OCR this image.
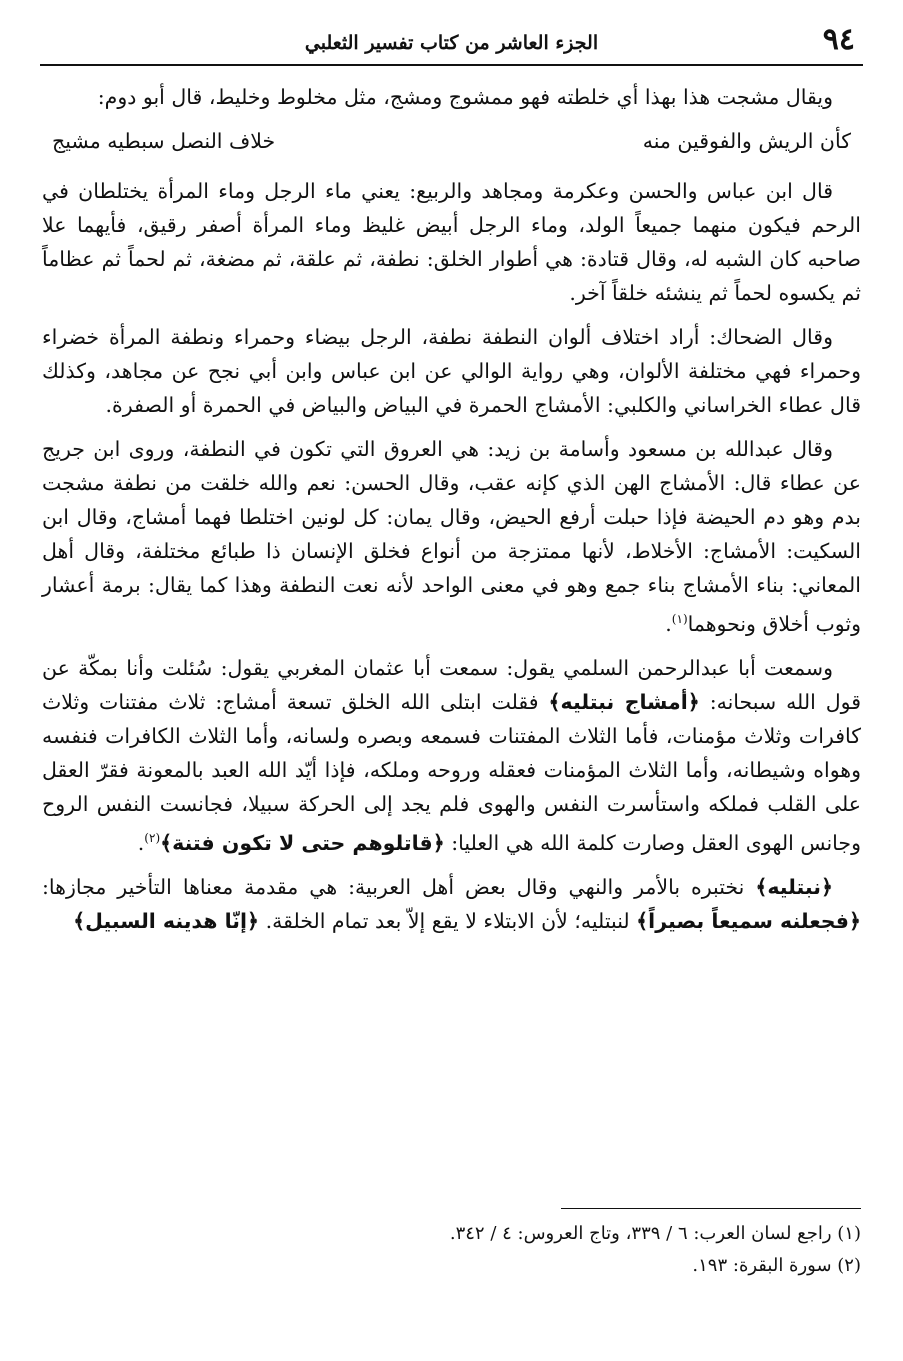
٩٤
الجزء العاشر من كتاب تفسير الثعلبي

ويقال مشجت هذا بهذا أي خلطته فهو ممشوج ومشج، مثل مخلوط وخليط، قال أبو دوم:

كأن الريش والفوقين منه
خلاف النصل سبطيه مشيج

قال ابن عباس والحسن وعكرمة ومجاهد والربيع: يعني ماء الرجل وماء المرأة يختلطان في الرحم فيكون منهما جميعاً الولد، وماء الرجل أبيض غليظ وماء المرأة أصفر رقيق، فأيهما علا صاحبه كان الشبه له، وقال قتادة: هي أطوار الخلق: نطفة، ثم علقة، ثم مضغة، ثم لحماً ثم عظاماً ثم يكسوه لحماً ثم ينشئه خلقاً آخر.

وقال الضحاك: أراد اختلاف ألوان النطفة نطفة، الرجل بيضاء وحمراء ونطفة المرأة خضراء وحمراء فهي مختلفة الألوان، وهي رواية الوالي عن ابن عباس وابن أبي نجح عن مجاهد، وكذلك قال عطاء الخراساني والكلبي: الأمشاج الحمرة في البياض والبياض في الحمرة أو الصفرة.

وقال عبدالله بن مسعود وأسامة بن زيد: هي العروق التي تكون في النطفة، وروى ابن جريج عن عطاء قال: الأمشاج الهن الذي كإنه عقب، وقال الحسن: نعم والله خلقت من نطفة مشجت بدم وهو دم الحيضة فإذا حبلت أرفع الحيض، وقال يمان: كل لونين اختلطا فهما أمشاج، وقال ابن السكيت: الأمشاج: الأخلاط، لأنها ممتزجة من أنواع فخلق الإنسان ذا طبائع مختلفة، وقال أهل المعاني: بناء الأمشاج بناء جمع وهو في معنى الواحد لأنه نعت النطفة وهذا كما يقال: برمة أعشار وثوب أخلاق ونحوهما$^{(١)}$.

وسمعت أبا عبدالرحمن السلمي يقول: سمعت أبا عثمان المغربي يقول: سُئلت وأنا بمكّة عن قول الله سبحانه: ﴿أمشاج نبتليه﴾ فقلت ابتلى الله الخلق تسعة أمشاج: ثلاث مفتنات وثلاث كافرات وثلاث مؤمنات، فأما الثلاث المفتنات فسمعه وبصره ولسانه، وأما الثلاث الكافرات فنفسه وهواه وشيطانه، وأما الثلاث المؤمنات فعقله وروحه وملكه، فإذا أيّد الله العبد بالمعونة فقرّ العقل على القلب فملكه واستأسرت النفس والهوى فلم يجد إلى الحركة سبيلا، فجانست النفس الروح وجانس الهوى العقل وصارت كلمة الله هي العليا: ﴿قاتلوهم حتى لا تكون فتنة﴾$^{(٢)}$.

﴿نبتليه﴾ نختبره بالأمر والنهي وقال بعض أهل العربية: هي مقدمة معناها التأخير مجازها: ﴿فجعلنه سميعاً بصيراً﴾ لنبتليه؛ لأن الابتلاء لا يقع إلاّ بعد تمام الخلقة. ﴿إنّا هدينه السبيل﴾

(١) راجع لسان العرب: ٦ / ٣٣٩، وتاج العروس: ٤ / ٣٤٢.
(٢) سورة البقرة: ١٩٣.
